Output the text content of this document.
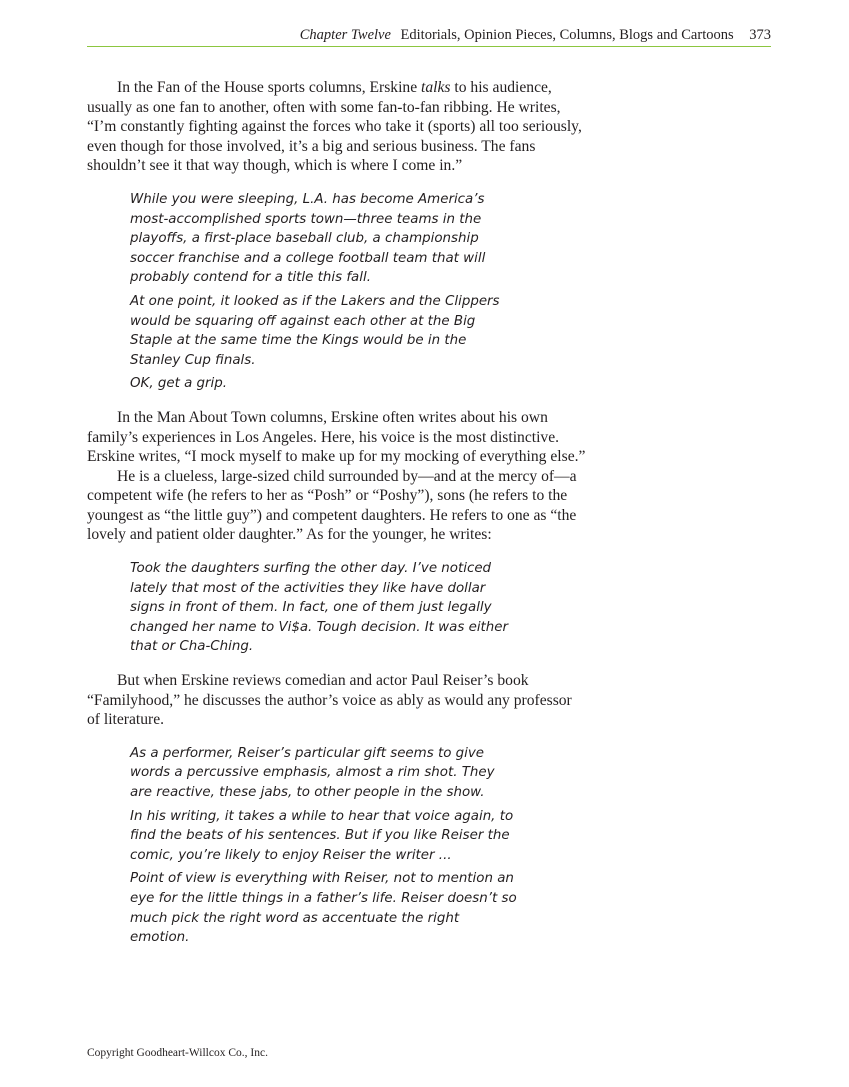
Chapter Twelve Editorials, Opinion Pieces, Columns, Blogs and Cartoons 373

In the Fan of the House sports columns, Erskine talks to his audience, usually as one fan to another, often with some fan-to-fan ribbing. He writes, “I’m constantly fighting against the forces who take it (sports) all too seriously, even though for those involved, it’s a big and serious business. The fans shouldn’t see it that way though, which is where I come in.”

While you were sleeping, L.A. has become America’s most-accomplished sports town—three teams in the playoffs, a first-place baseball club, a championship soccer franchise and a college football team that will probably contend for a title this fall.
At one point, it looked as if the Lakers and the Clippers would be squaring off against each other at the Big Staple at the same time the Kings would be in the Stanley Cup finals.
OK, get a grip.

In the Man About Town columns, Erskine often writes about his own family’s experiences in Los Angeles. Here, his voice is the most distinctive. Erskine writes, “I mock myself to make up for my mocking of everything else.”

He is a clueless, large-sized child surrounded by—and at the mercy of—a competent wife (he refers to her as “Posh” or “Poshy”), sons (he refers to the youngest as “the little guy”) and competent daughters. He refers to one as “the lovely and patient older daughter.” As for the younger, he writes:

Took the daughters surfing the other day. I’ve noticed lately that most of the activities they like have dollar signs in front of them. In fact, one of them just legally changed her name to Vi$a. Tough decision. It was either that or Cha-Ching.

But when Erskine reviews comedian and actor Paul Reiser’s book “Familyhood,” he discusses the author’s voice as ably as would any professor of literature.

As a performer, Reiser’s particular gift seems to give words a percussive emphasis, almost a rim shot. They are reactive, these jabs, to other people in the show.
In his writing, it takes a while to hear that voice again, to find the beats of his sentences. But if you like Reiser the comic, you’re likely to enjoy Reiser the writer ...
Point of view is everything with Reiser, not to mention an eye for the little things in a father’s life. Reiser doesn’t so much pick the right word as accentuate the right emotion.
Copyright Goodheart-Willcox Co., Inc.
